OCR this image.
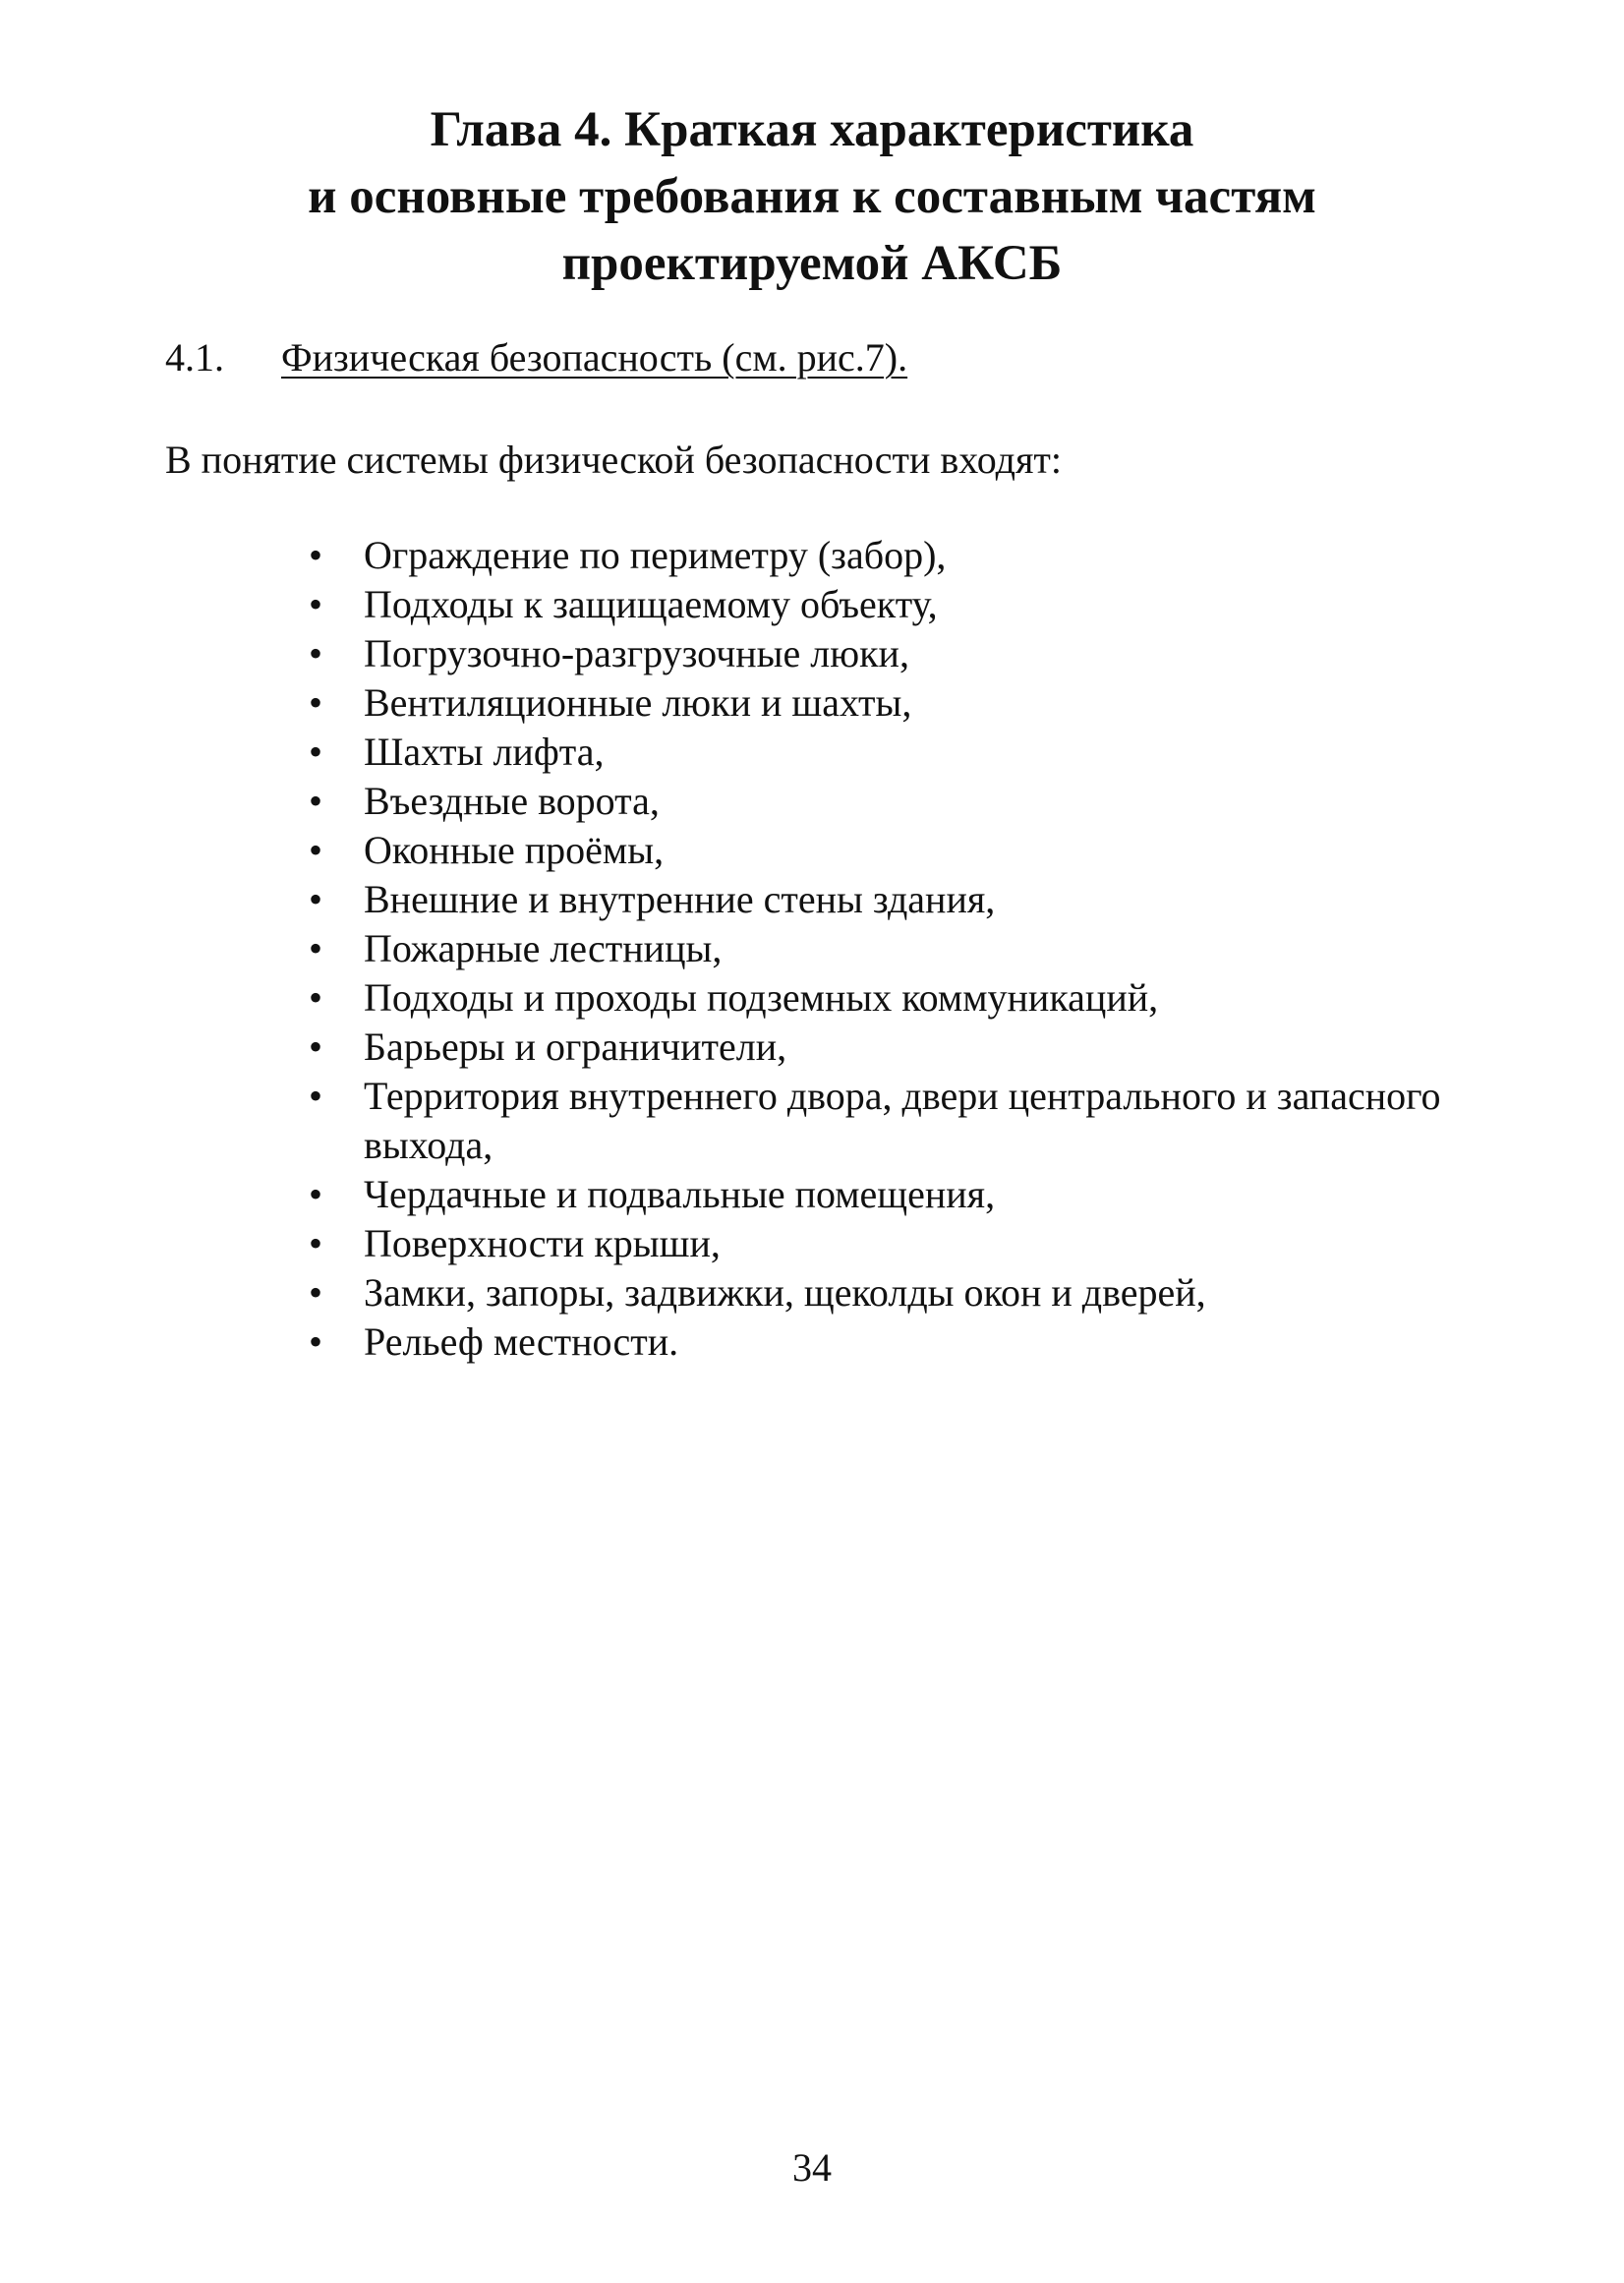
Глава 4. Краткая характеристика
и основные требования к составным частям
проектируемой АКСБ
4.1. Физическая безопасность (см. рис.7).
В понятие системы физической безопасности входят:
• Ограждение по периметру (забор),
• Подходы к защищаемому объекту,
• Погрузочно-разгрузочные люки,
• Вентиляционные люки и шахты,
• Шахты лифта,
• Въездные ворота,
• Оконные проёмы,
• Внешние и внутренние стены здания,
• Пожарные лестницы,
• Подходы и проходы подземных коммуникаций,
• Барьеры и ограничители,
• Территория внутреннего двора, двери центрального и запасного выхода,
• Чердачные и подвальные помещения,
• Поверхности крыши,
• Замки, запоры, задвижки, щеколды окон и дверей,
• Рельеф местности.
34
